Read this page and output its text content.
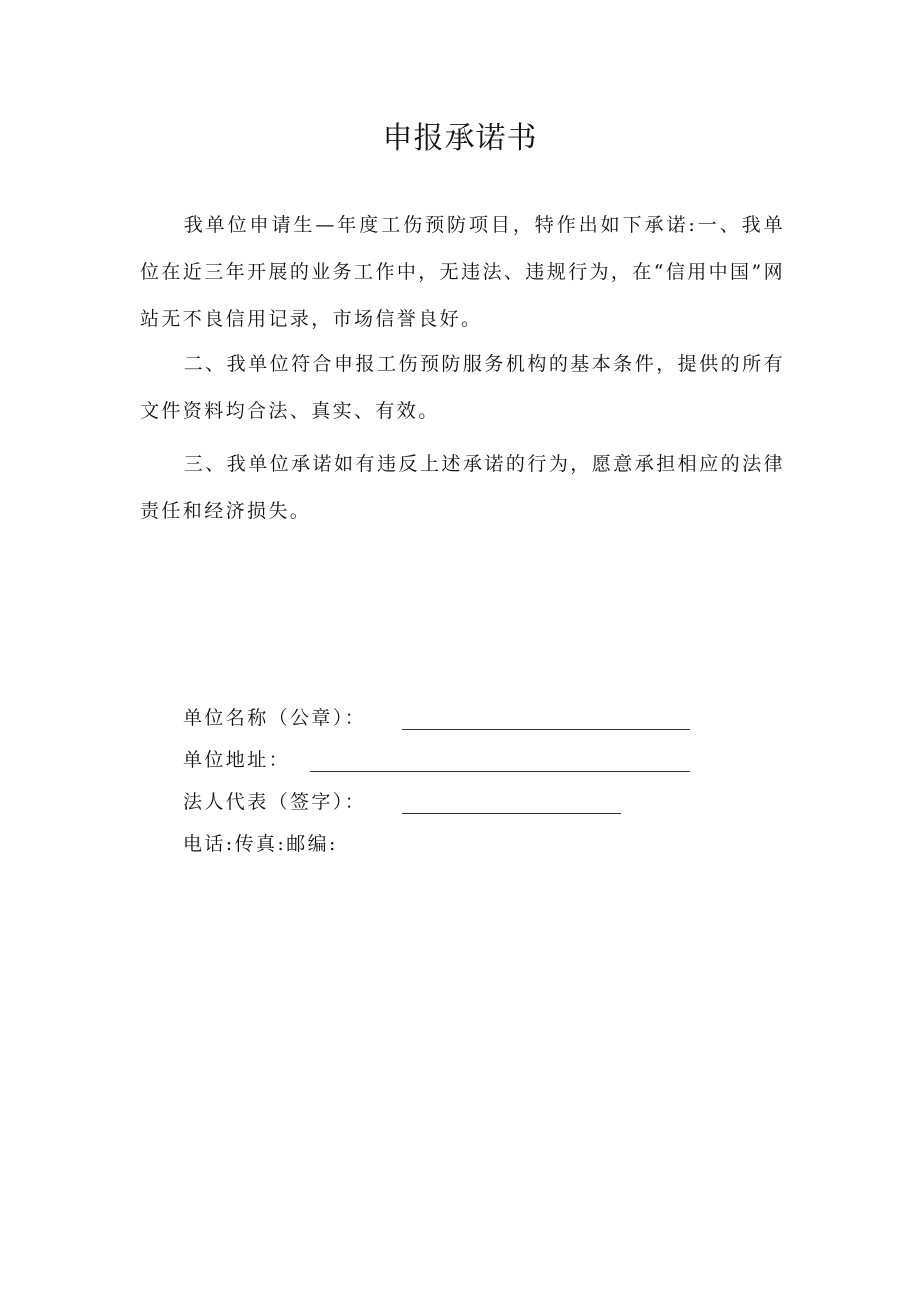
申报承诺书

我单位申请生—年度工伤预防项目，特作出如下承诺:一、我单位在近三年开展的业务工作中，无违法、违规行为，在“信用中国”网站无不良信用记录，市场信誉良好。

二、我单位符合申报工伤预防服务机构的基本条件，提供的所有文件资料均合法、真实、有效。

三、我单位承诺如有违反上述承诺的行为，愿意承担相应的法律责任和经济损失。

单位名称（公章）：
单位地址：
法人代表（签字）：
电话:传真:邮编:
